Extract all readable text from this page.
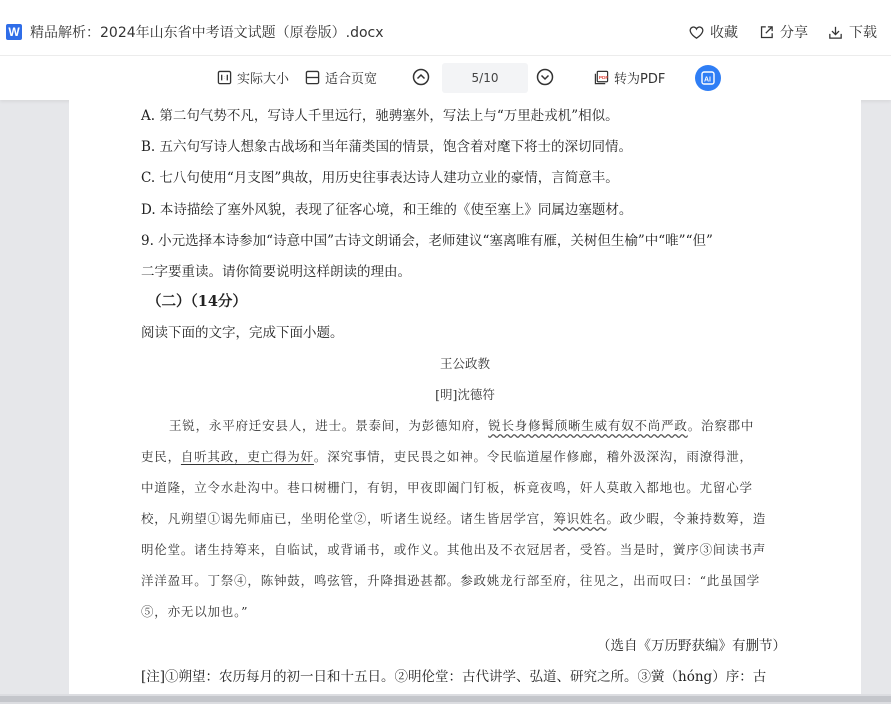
W 精品解析：2024年山东省中考语文试题（原卷版）.docx	收藏	分享	下载
实际大小	适合页宽	5/10	PDF 转为PDF	AI
A. 第二句气势不凡，写诗人千里远行，驰骋塞外，写法上与“万里赴戎机”相似。
B. 五六句写诗人想象古战场和当年蒲类国的情景，饱含着对麾下将士的深切同情。
C. 七八句使用“月支图”典故，用历史往事表达诗人建功立业的豪情，言简意丰。
D. 本诗描绘了塞外风貌，表现了征客心境，和王维的《使至塞上》同属边塞题材。
9. 小元选择本诗参加“诗意中国”古诗文朗诵会，老师建议“塞离唯有雁，关树但生榆”中“唯”“但”
二字要重读。请你简要说明这样朗读的理由。
（二）（14分）
阅读下面的文字，完成下面小题。
王公政教
[明]沈德符
王锐，永平府迁安县人，进士。景泰间，为彭德知府，锐长身修髯颀晰生威有奴不尚严政。治察郡中
吏民，自听其政，吏亡得为奸。深究事情，吏民畏之如神。令民临道屋作修廊，稽外汲深沟，雨潦得泄，
中道隆，立令水赴沟中。巷口树栅门，有钥，甲夜即阖门钉板，柝竟夜鸣，奸人莫敢入都地也。尤留心学
校，凡朔望①谒先师庙已，坐明伦堂②，听诸生说经。诸生皆居学宫，筹识姓名。政少暇，令兼持数筹，造
明伦堂。诸生持筹来，自临试，或背诵书，或作义。其他出及不衣冠居者，受笞。当是时，黉序③间读书声
洋洋盈耳。丁祭④，陈钟鼓，鸣弦管，升降揖逊甚都。参政姚龙行部至府，往见之，出而叹曰：“此虽国学
⑤，亦无以加也。”
（选自《万历野获编》有删节）
[注]①朔望：农历每月的初一日和十五日。②明伦堂：古代讲学、弘道、研究之所。③黉（hóng）序：古
